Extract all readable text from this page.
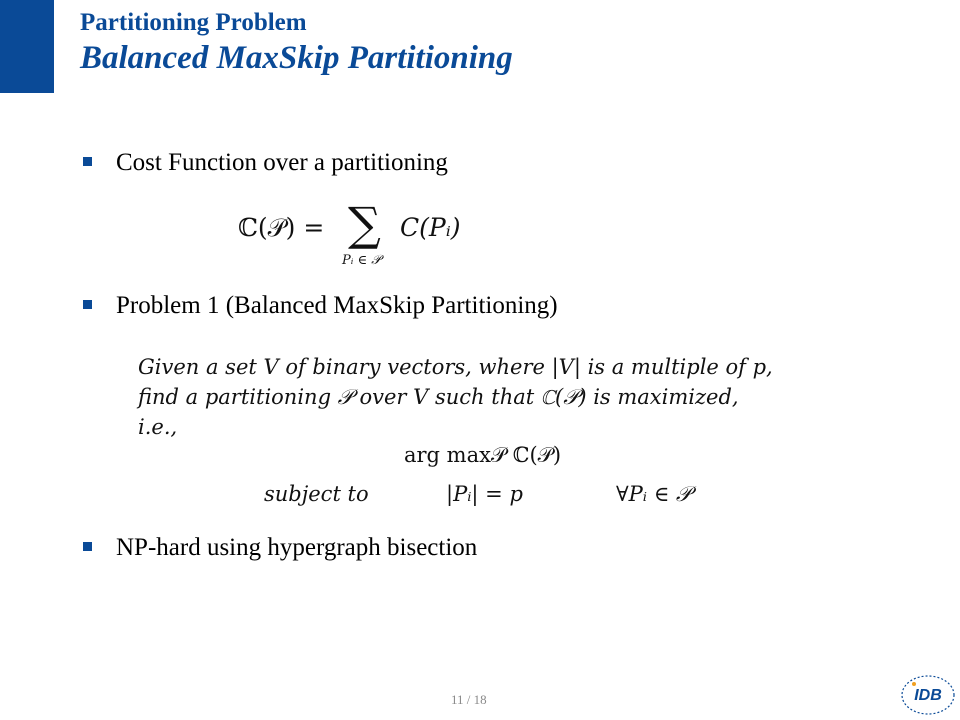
Partitioning Problem
Balanced MaxSkip Partitioning
Cost Function over a partitioning
ℂ(𝒫) = ∑
Pᵢ ∈ 𝒫
C(Pᵢ)
Problem 1 (Balanced MaxSkip Partitioning)
Given a set V of binary vectors, where |V| is a multiple of p,
find a partitioning 𝒫 over V such that ℂ(𝒫) is maximized,
i.e.,
arg max𝒫 ℂ(𝒫)
subject to	|Pᵢ| = p	∀Pᵢ ∈ 𝒫
NP-hard using hypergraph bisection
11 / 18	IDB
